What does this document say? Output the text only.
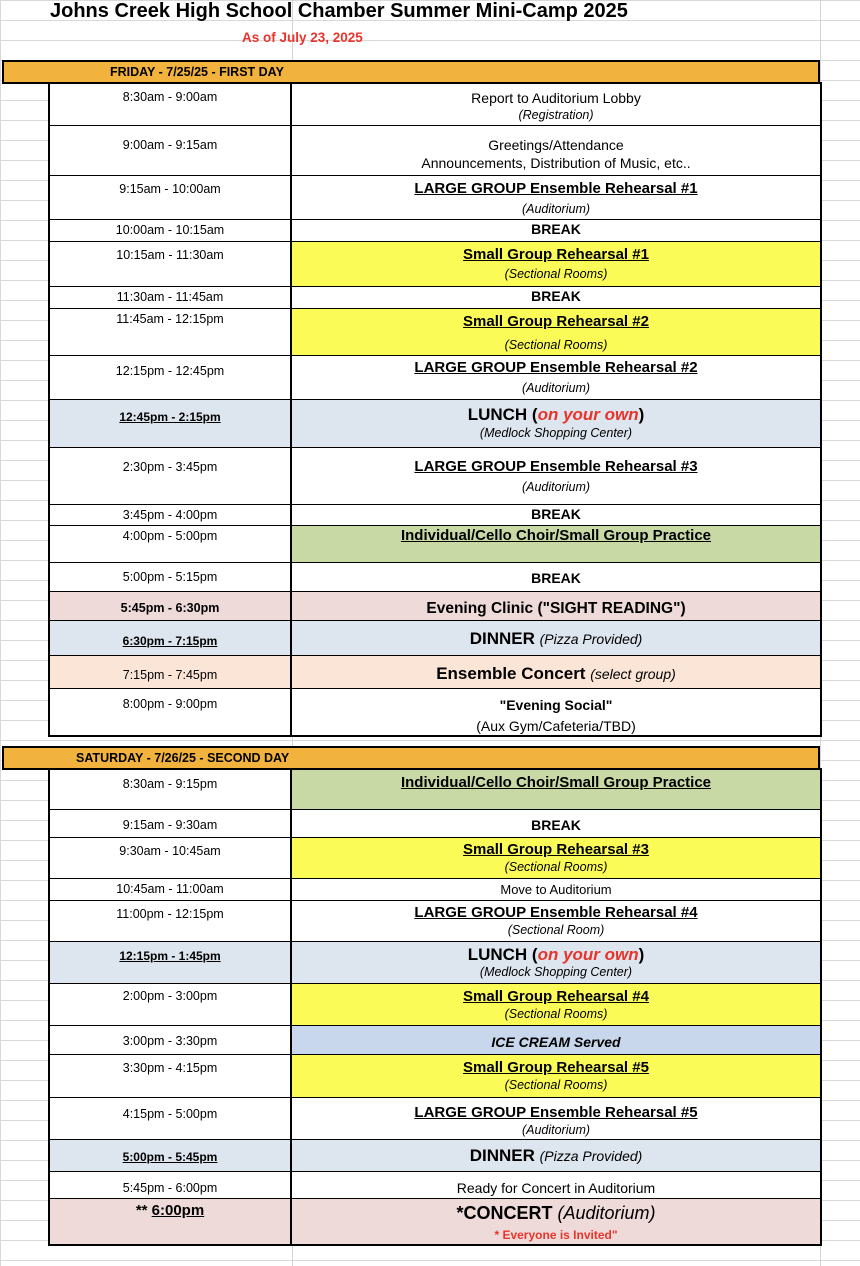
Johns Creek High School Chamber Summer Mini-Camp 2025
As of July 23, 2025
FRIDAY - 7/25/25 - FIRST DAY
8:30am - 9:00am	Report to Auditorium Lobby
(Registration)
9:00am - 9:15am	Greetings/Attendance
Announcements, Distribution of Music, etc..
9:15am - 10:00am	LARGE GROUP Ensemble Rehearsal #1
(Auditorium)
10:00am - 10:15am	BREAK
10:15am - 11:30am	Small Group Rehearsal #1
(Sectional Rooms)
11:30am - 11:45am	BREAK
11:45am - 12:15pm	Small Group Rehearsal #2
(Sectional Rooms)
12:15pm - 12:45pm	LARGE GROUP Ensemble Rehearsal #2
(Auditorium)
12:45pm - 2:15pm	LUNCH (on your own)
(Medlock Shopping Center)
2:30pm - 3:45pm	LARGE GROUP Ensemble Rehearsal #3
(Auditorium)
3:45pm - 4:00pm	BREAK
4:00pm - 5:00pm	Individual/Cello Choir/Small Group Practice
5:00pm - 5:15pm	BREAK
5:45pm - 6:30pm	Evening Clinic ("SIGHT READING")
6:30pm - 7:15pm	DINNER (Pizza Provided)
7:15pm - 7:45pm	Ensemble Concert (select group)
8:00pm - 9:00pm	"Evening Social"
(Aux Gym/Cafeteria/TBD)
SATURDAY - 7/26/25 - SECOND DAY
8:30am - 9:15pm	Individual/Cello Choir/Small Group Practice
9:15am - 9:30am	BREAK
9:30am - 10:45am	Small Group Rehearsal #3
(Sectional Rooms)
10:45am - 11:00am	Move to Auditorium
11:00pm - 12:15pm	LARGE GROUP Ensemble Rehearsal #4
(Sectional Room)
12:15pm - 1:45pm	LUNCH (on your own)
(Medlock Shopping Center)
2:00pm - 3:00pm	Small Group Rehearsal #4
(Sectional Rooms)
3:00pm - 3:30pm	ICE CREAM Served
3:30pm - 4:15pm	Small Group Rehearsal #5
(Sectional Rooms)
4:15pm - 5:00pm	LARGE GROUP Ensemble Rehearsal #5
(Auditorium)
5:00pm - 5:45pm	DINNER (Pizza Provided)
5:45pm - 6:00pm	Ready for Concert in Auditorium
** 6:00pm	*CONCERT (Auditorium)
* Everyone is Invited"
